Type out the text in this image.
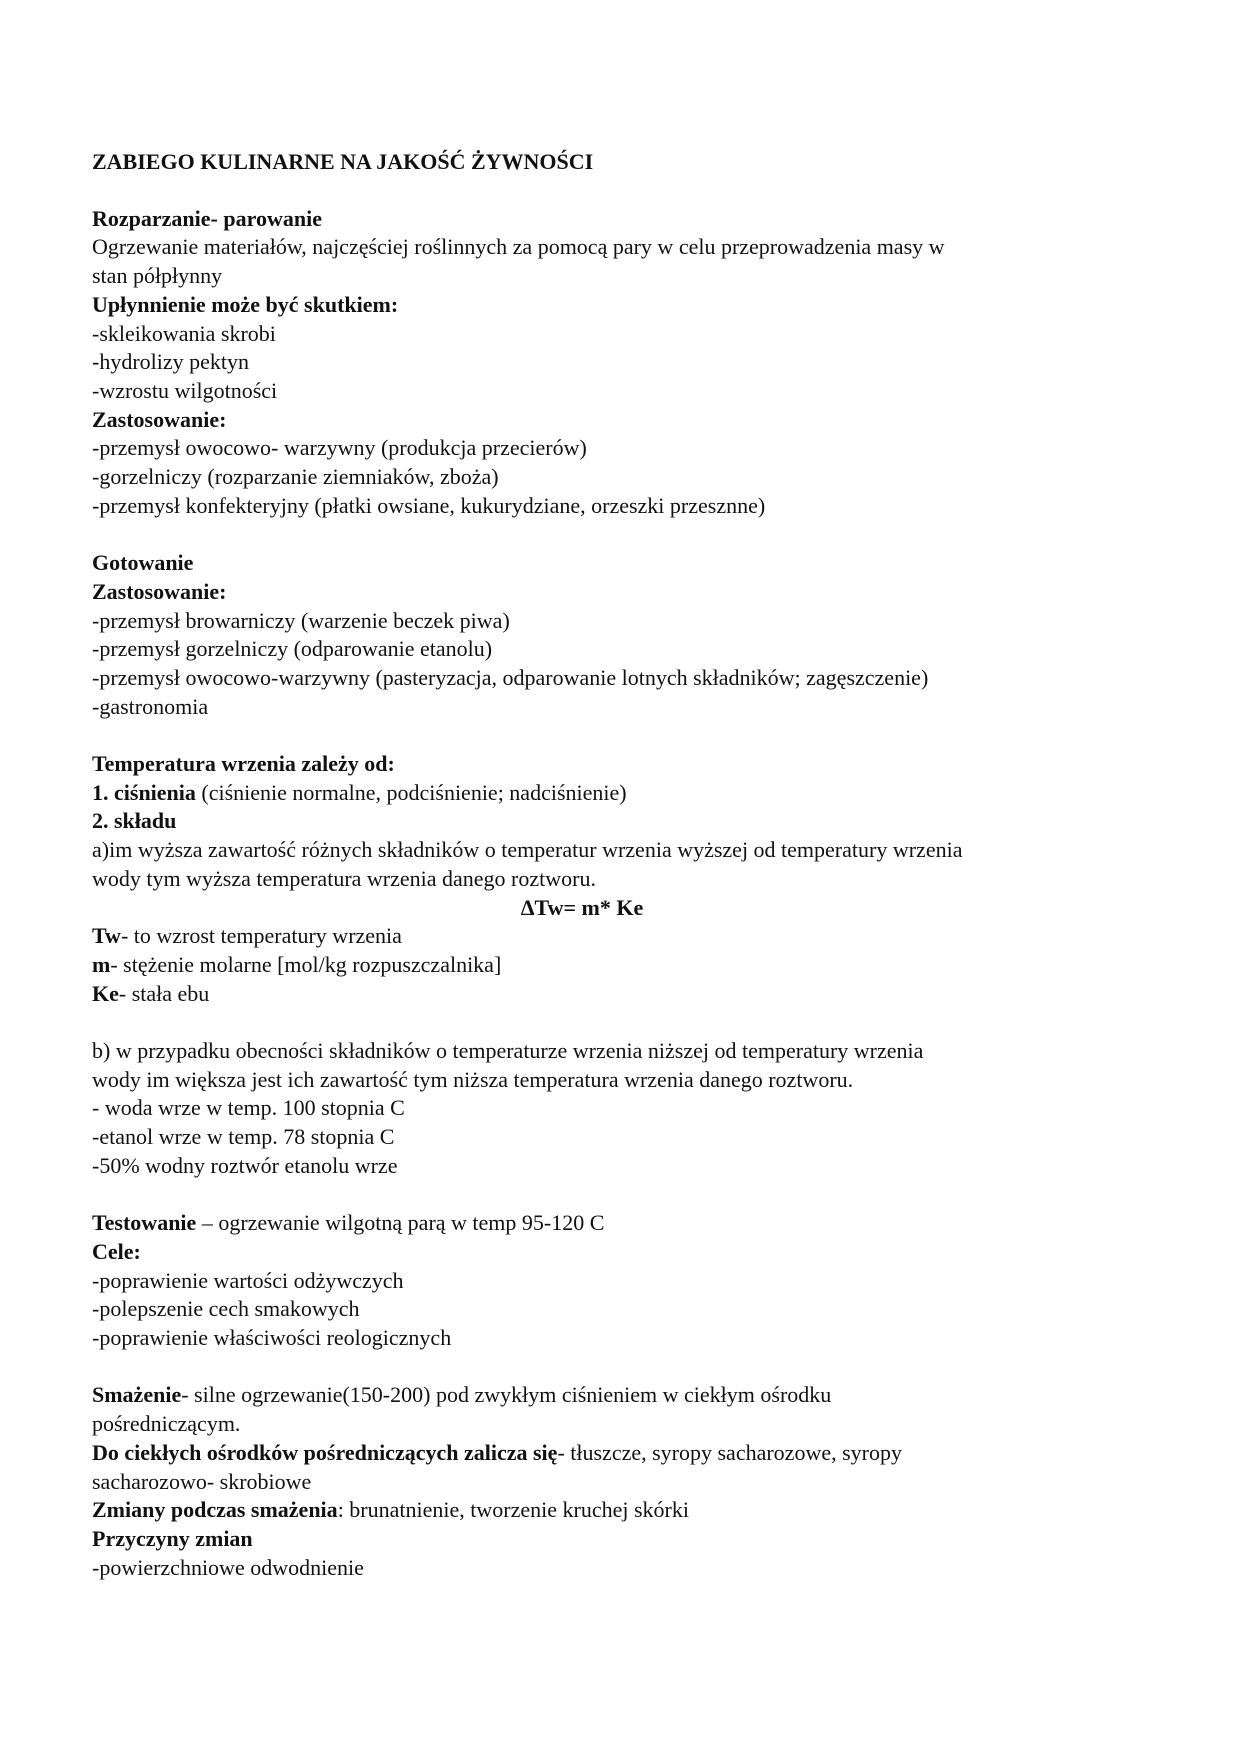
ZABIEGO KULINARNE NA JAKOŚĆ ŻYWNOŚCI
Rozparzanie- parowanie
Ogrzewanie materiałów, najczęściej roślinnych za pomocą pary w celu przeprowadzenia masy w
stan półpłynny
Upłynnienie może być skutkiem:
-skleikowania skrobi
-hydrolizy pektyn
-wzrostu wilgotności
Zastosowanie:
-przemysł owocowo- warzywny (produkcja przecierów)
-gorzelniczy (rozparzanie ziemniaków, zboża)
-przemysł konfekteryjny (płatki owsiane, kukurydziane, orzeszki przesznne)
Gotowanie
Zastosowanie:
-przemysł browarniczy (warzenie beczek piwa)
-przemysł gorzelniczy (odparowanie etanolu)
-przemysł owocowo-warzywny (pasteryzacja, odparowanie lotnych składników; zagęszczenie)
-gastronomia
Temperatura wrzenia zależy od:
1. ciśnienia (ciśnienie normalne, podciśnienie; nadciśnienie)
2. składu
a)im wyższa zawartość różnych składników o temperatur wrzenia wyższej od temperatury wrzenia
wody tym wyższa temperatura wrzenia danego roztworu.
ΔTw= m* Ke
Tw- to wzrost temperatury wrzenia
m- stężenie molarne [mol/kg rozpuszczalnika]
Ke- stała ebu
b) w przypadku obecności składników o temperaturze wrzenia niższej od temperatury wrzenia
wody im większa jest ich zawartość tym niższa temperatura wrzenia danego roztworu.
- woda wrze w temp. 100 stopnia C
-etanol wrze w temp. 78 stopnia C
-50% wodny roztwór etanolu wrze
Testowanie – ogrzewanie wilgotną parą w temp 95-120 C
Cele:
-poprawienie wartości odżywczych
-polepszenie cech smakowych
-poprawienie właściwości reologicznych
Smażenie- silne ogrzewanie(150-200) pod zwykłym ciśnieniem w ciekłym ośrodku
pośredniczącym.
Do ciekłych ośrodków pośredniczących zalicza się- tłuszcze, syropy sacharozowe, syropy
sacharozowo- skrobiowe
Zmiany podczas smażenia: brunatnienie, tworzenie kruchej skórki
Przyczyny zmian
-powierzchniowe odwodnienie
